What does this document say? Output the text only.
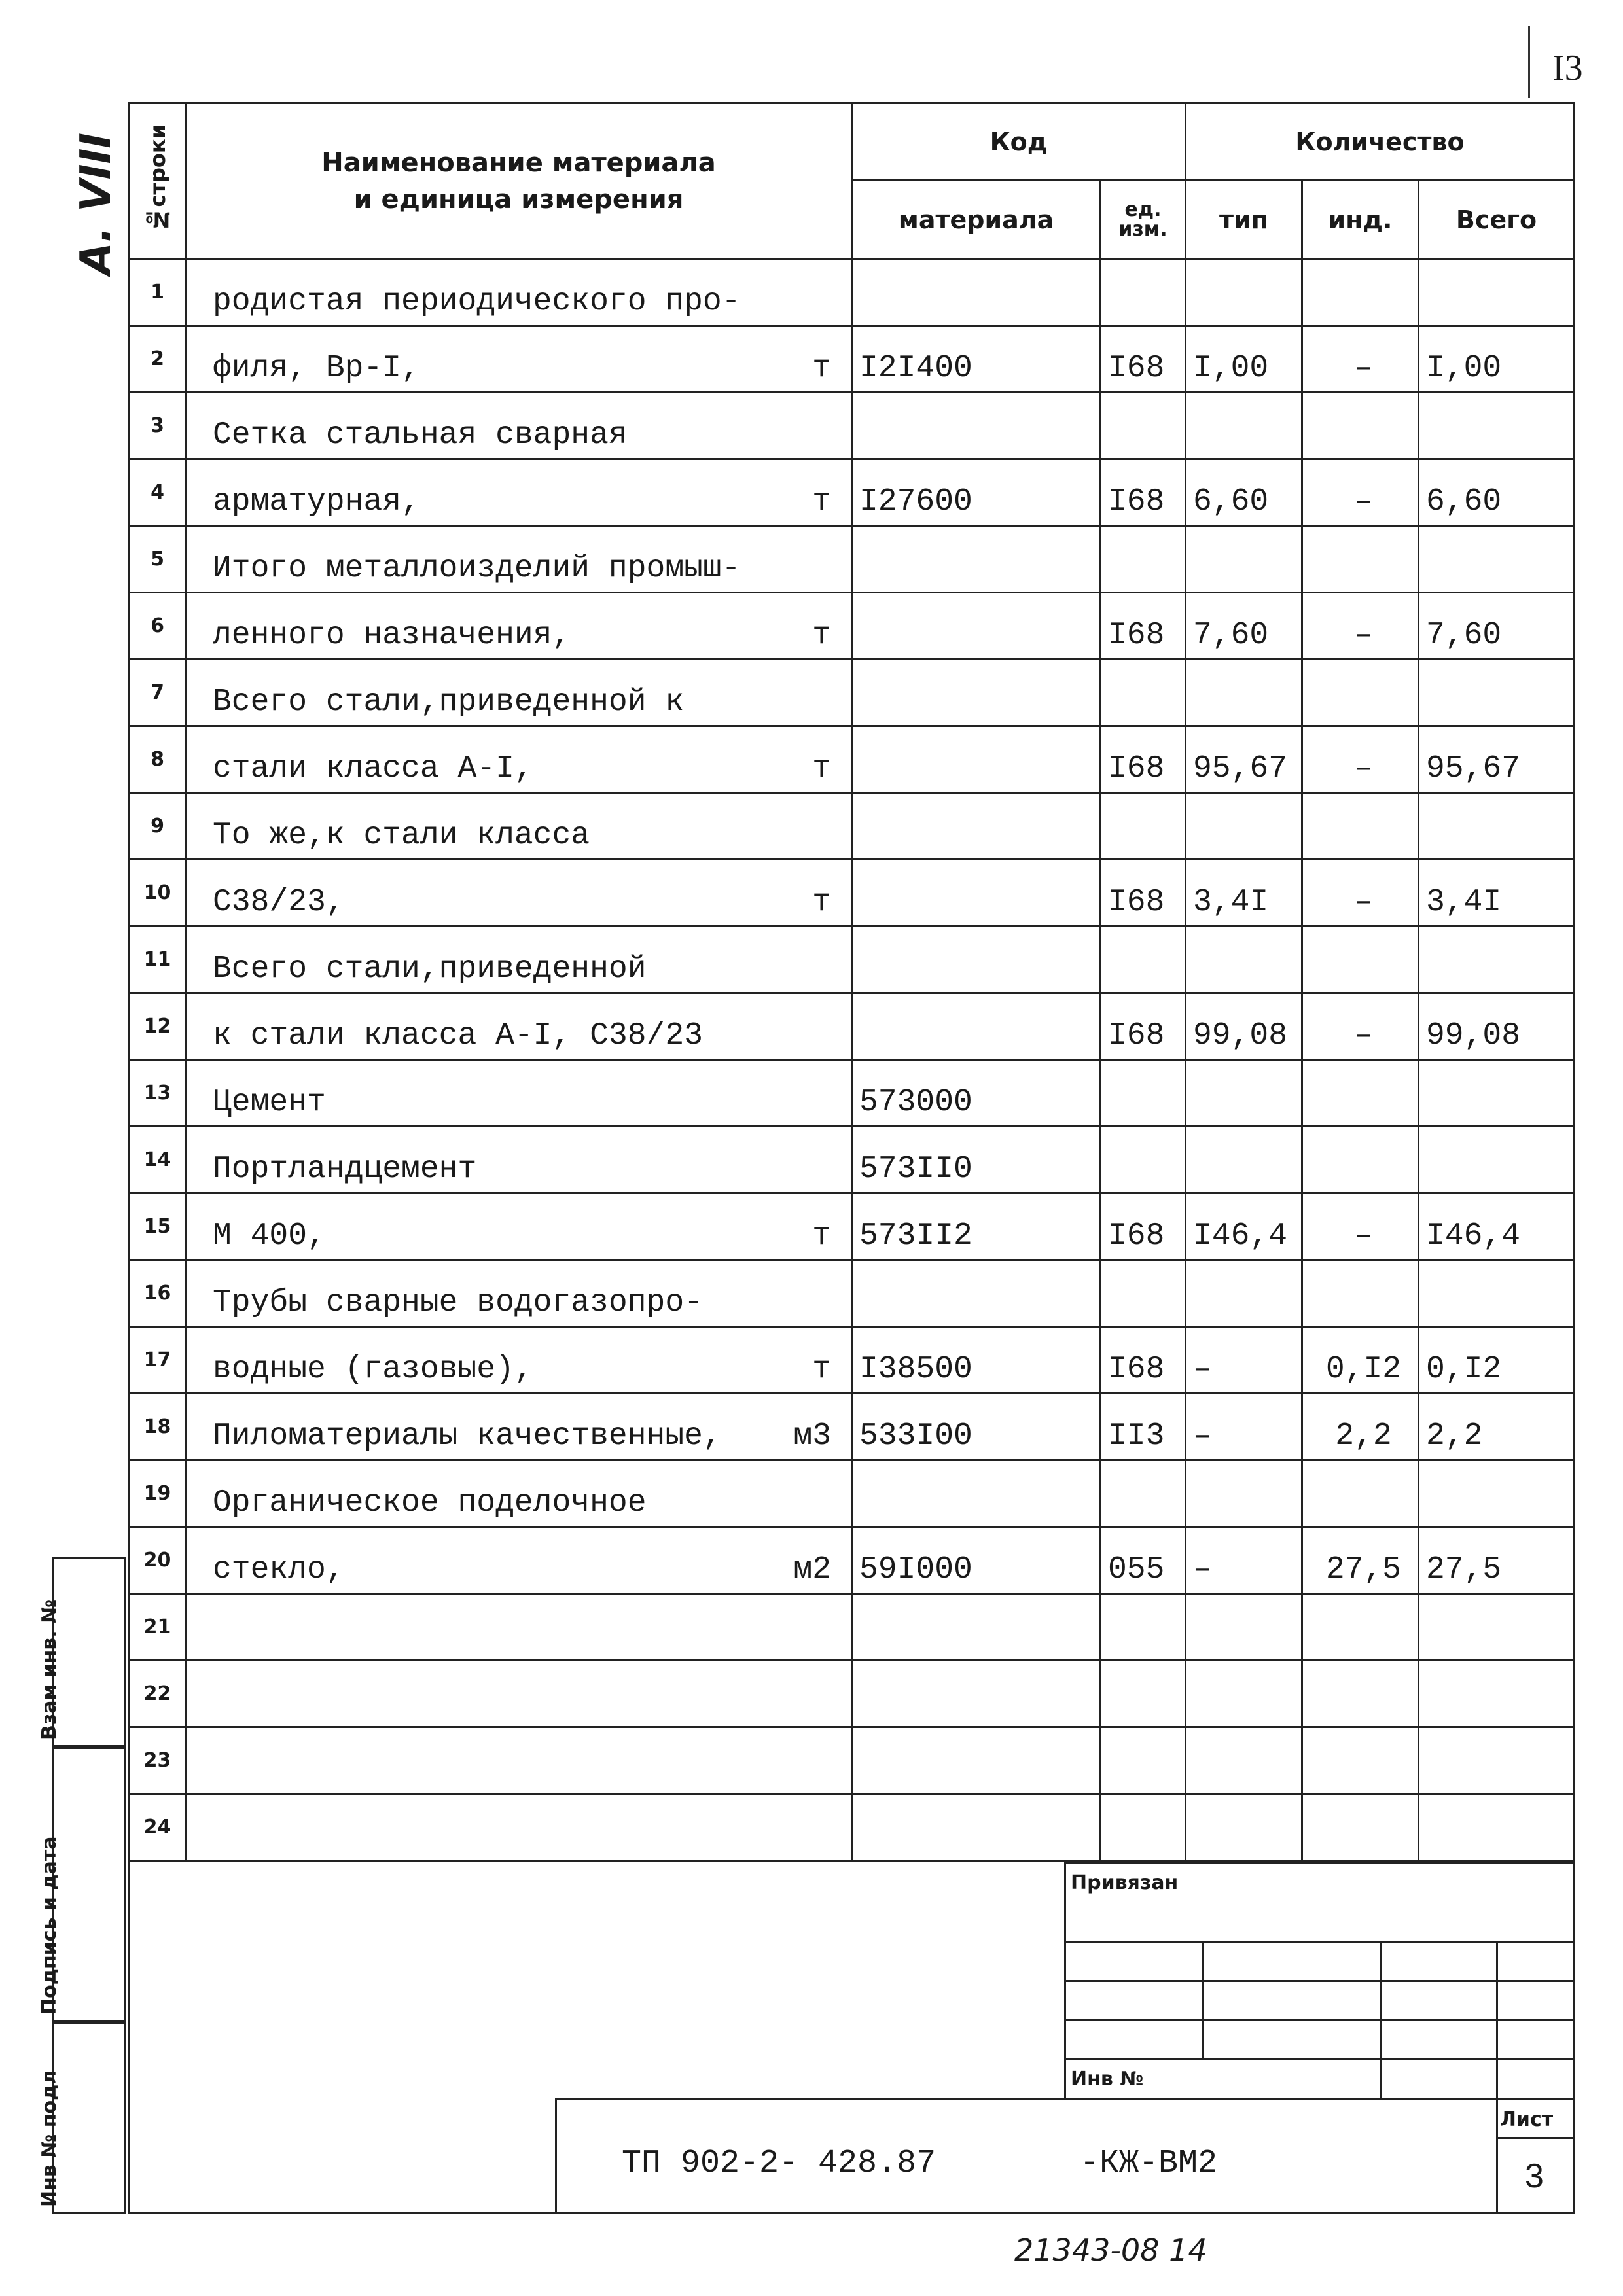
I3
А. VIII №строки	Наименование материала
и единица измерения	Код		Количество		
		материала	ед. изм.	тип	инд.	Всего
1	родистая периодического про-

2	филя, Вр-I, т	I2I400	I68	I,00	–	I,00
3	Сетка стальная сварная

4	арматурная, т	I27600	I68	6,60	–	6,60
5	Итого металлоизделий промыш-

6	ленного назначения, т		I68	7,60	–	7,60
7	Всего стали,приведенной к

8	стали класса А-I, т		I68	95,67	–	95,67
9	То же,к стали класса

10	С38/23, т		I68	3,4I	–	3,4I
11	Всего стали,приведенной

12	к стали класса А-I, С38/23		I68	99,08	–	99,08
13	Цемент	573000				
14	Портландцемент	573II0				
15	М 400, т	573II2	I68	I46,4	–	I46,4
16	Трубы сварные водогазопро-

17	водные (газовые), т	I38500	I68	–	0,I2	0,I2
18	Пиломатериалы качественные, м3	533I00	II3	–	2,2	2,2
19	Органическое поделочное

20	стекло, м2	59I000	055	–	27,5	27,5
21	

22	

23	

24	

Взам инв. №
Подпись и дата
Инв № подл
Привязан
Инв №
ТП 902-2- 428.87	-КЖ-ВМ2
Лист
3
21343-08 14
